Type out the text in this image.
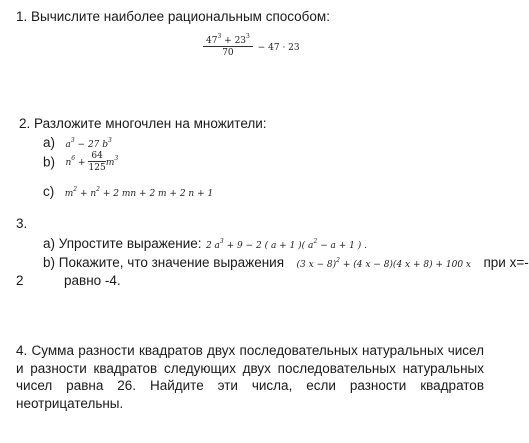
1. Вычислите наиболее рациональным способом:
$\frac{47^3 + 23^3}{70} - 47 \cdot 23$
2. Разложите многочлен на множители:
a) $a^3 - 27$ $b^3$
b) $n^6 + \frac{64}{125} m^3$
c) $m^2 + n^2 + 2$ mn + 2 m + 2 n + 1
3.
a) Упростите выражение: 2 $a^3 + 9 - 2$ ( a + 1 )( $a^2 - a + 1$ ) .
b) Покажите, что значение выражения (3 x − 8)$^2$ + (4 x − 8)(4 x + 8) + 100 x при x=-
2	равно -4.
4. Сумма разности квадратов двух последовательных натуральных чисел и разности квадратов следующих двух последовательных натуральных чисел равна 26. Найдите эти числа, если разности квадратов неотрицательны.
